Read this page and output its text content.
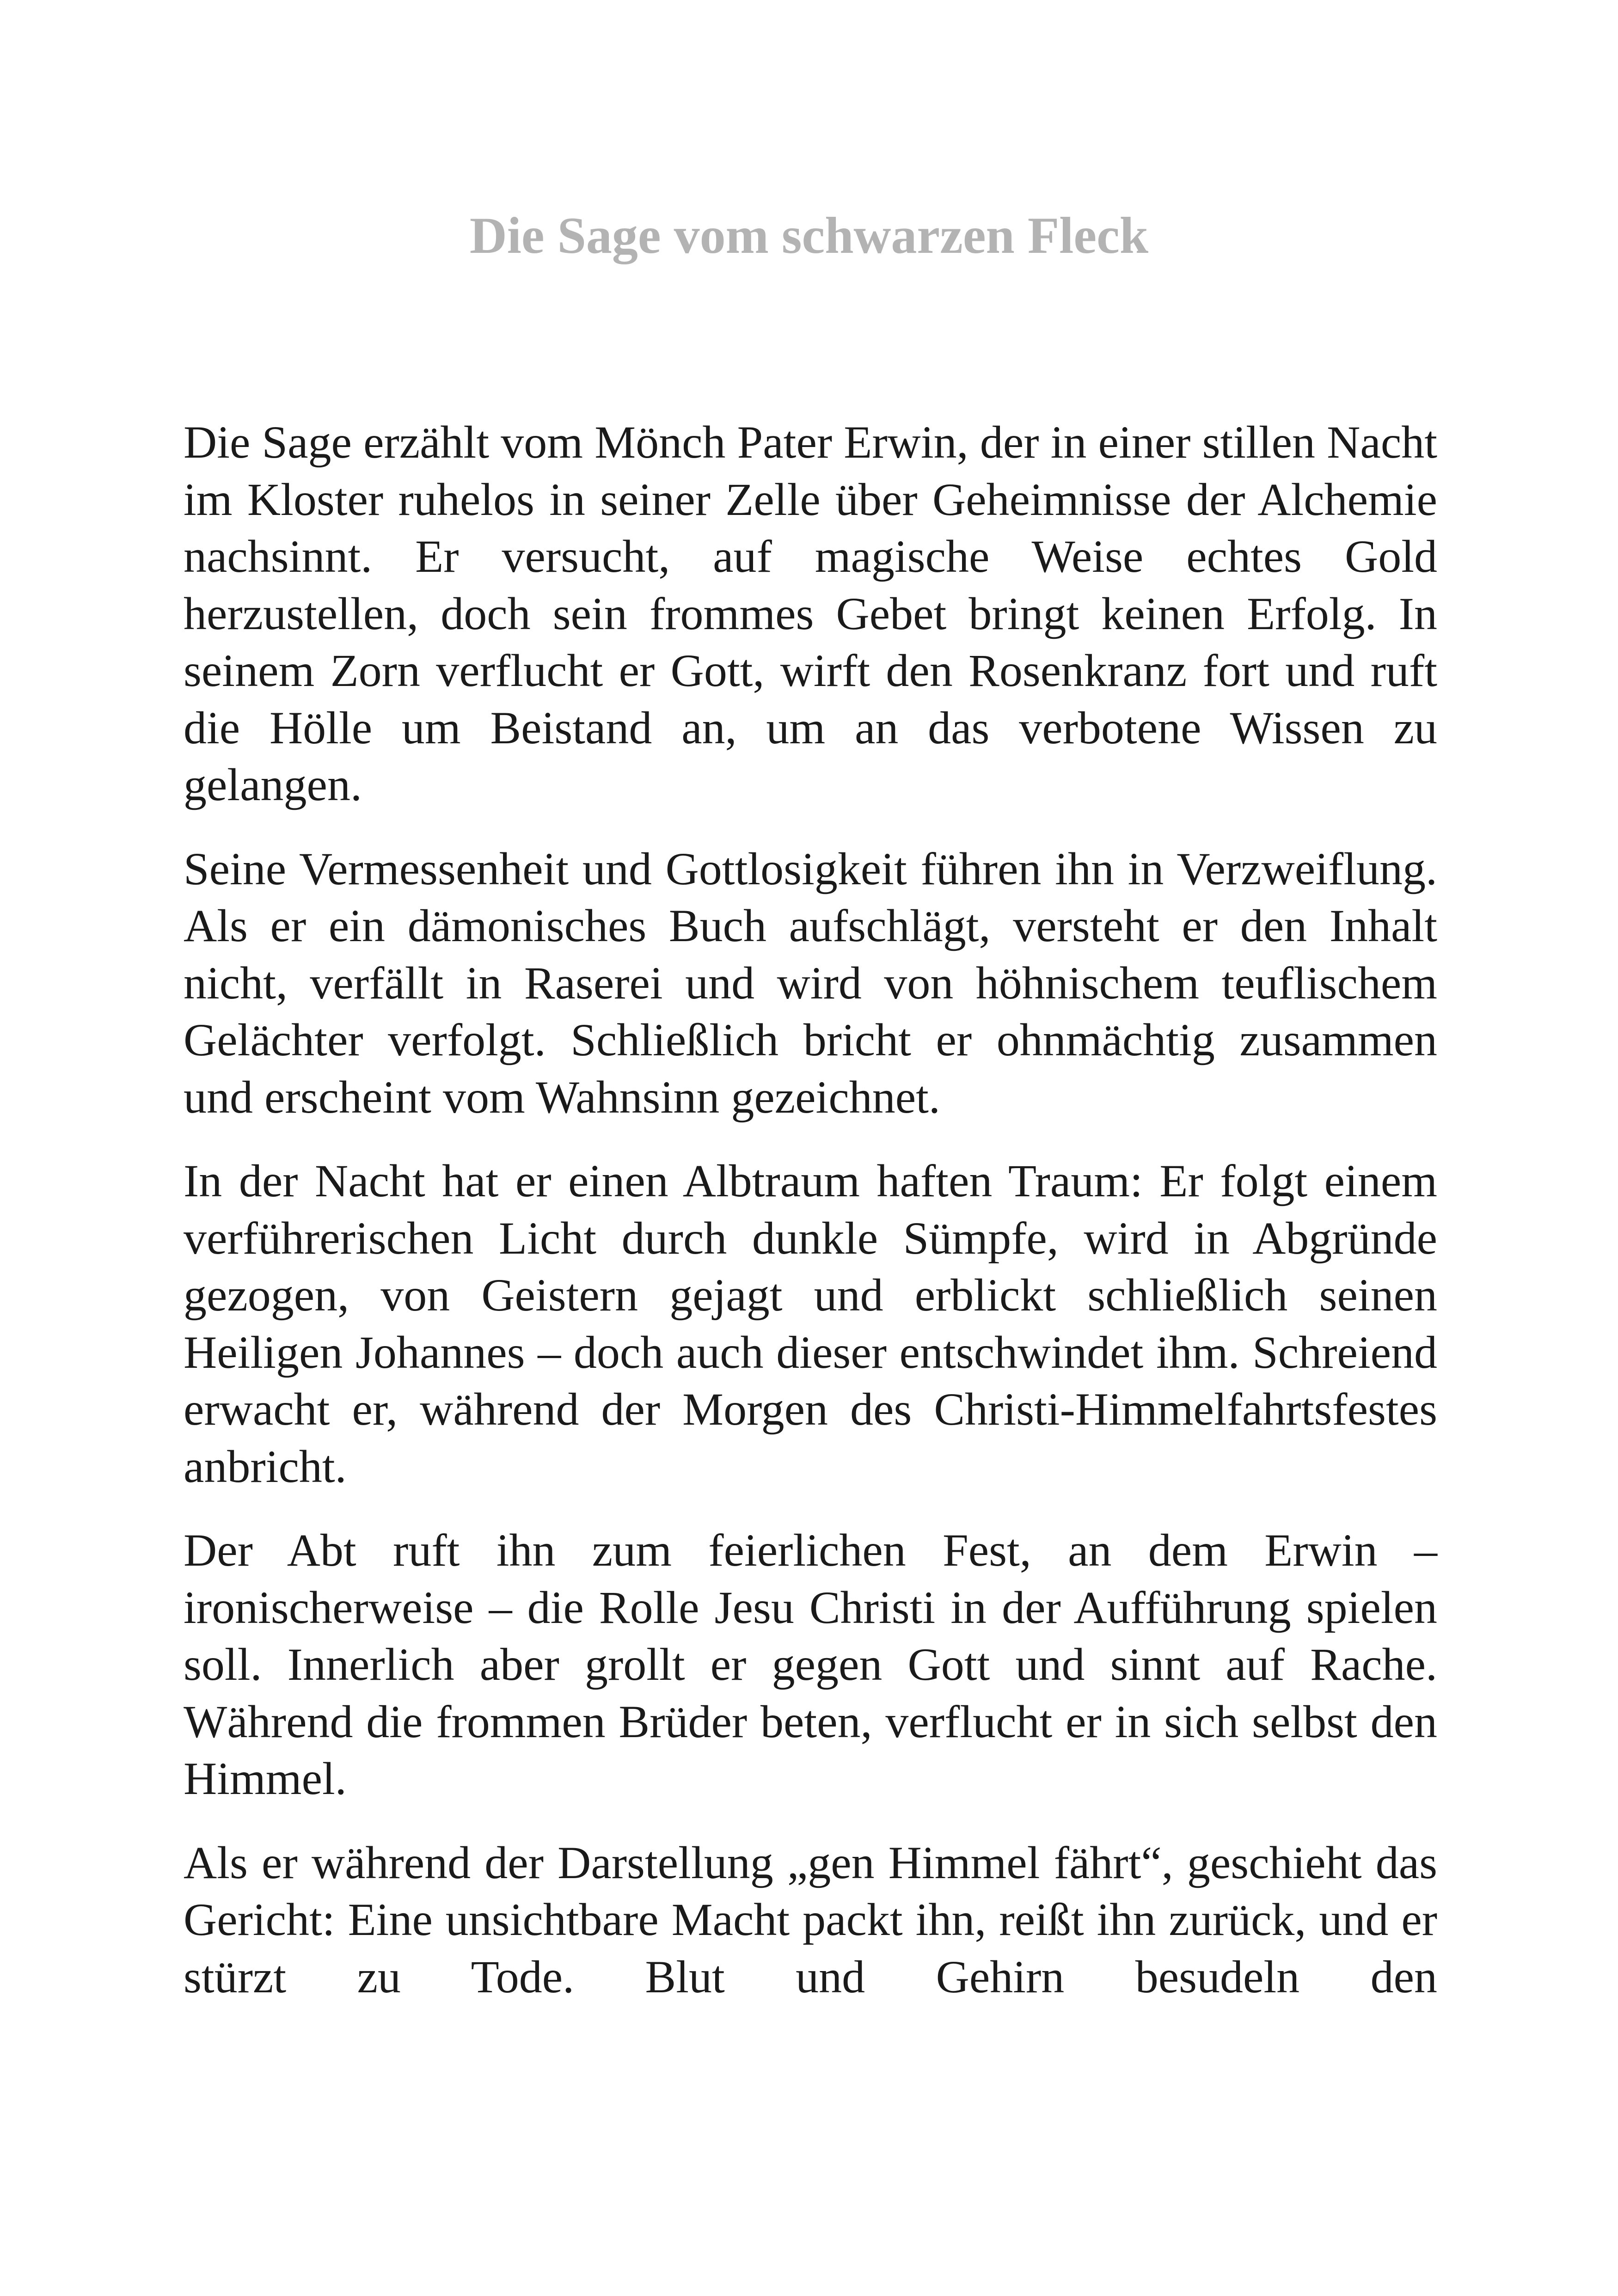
Die Sage vom schwarzen Fleck

Die Sage erzählt vom Mönch Pater Erwin, der in einer stillen Nacht im Kloster ruhelos in seiner Zelle über Geheimnisse der Alchemie nachsinnt. Er versucht, auf magische Weise echtes Gold herzustellen, doch sein frommes Gebet bringt keinen Erfolg. In seinem Zorn verflucht er Gott, wirft den Rosenkranz fort und ruft die Hölle um Beistand an, um an das verbotene Wissen zu gelangen.

Seine Vermessenheit und Gottlosigkeit führen ihn in Verzweiflung. Als er ein dämonisches Buch aufschlägt, versteht er den Inhalt nicht, verfällt in Raserei und wird von höhnischem teuflischem Gelächter verfolgt. Schließlich bricht er ohnmächtig zusammen und erscheint vom Wahnsinn gezeichnet.

In der Nacht hat er einen Albtraum haften Traum: Er folgt einem verführerischen Licht durch dunkle Sümpfe, wird in Abgründe gezogen, von Geistern gejagt und erblickt schließlich seinen Heiligen Johannes – doch auch dieser entschwindet ihm. Schreiend erwacht er, während der Morgen des Christi-Himmelfahrtsfestes anbricht.

Der Abt ruft ihn zum feierlichen Fest, an dem Erwin – ironischerweise – die Rolle Jesu Christi in der Aufführung spielen soll. Innerlich aber grollt er gegen Gott und sinnt auf Rache. Während die frommen Brüder beten, verflucht er in sich selbst den Himmel.

Als er während der Darstellung „gen Himmel fährt“, geschieht das Gericht: Eine unsichtbare Macht packt ihn, reißt ihn zurück, und er stürzt zu Tode. Blut und Gehirn besudeln den
